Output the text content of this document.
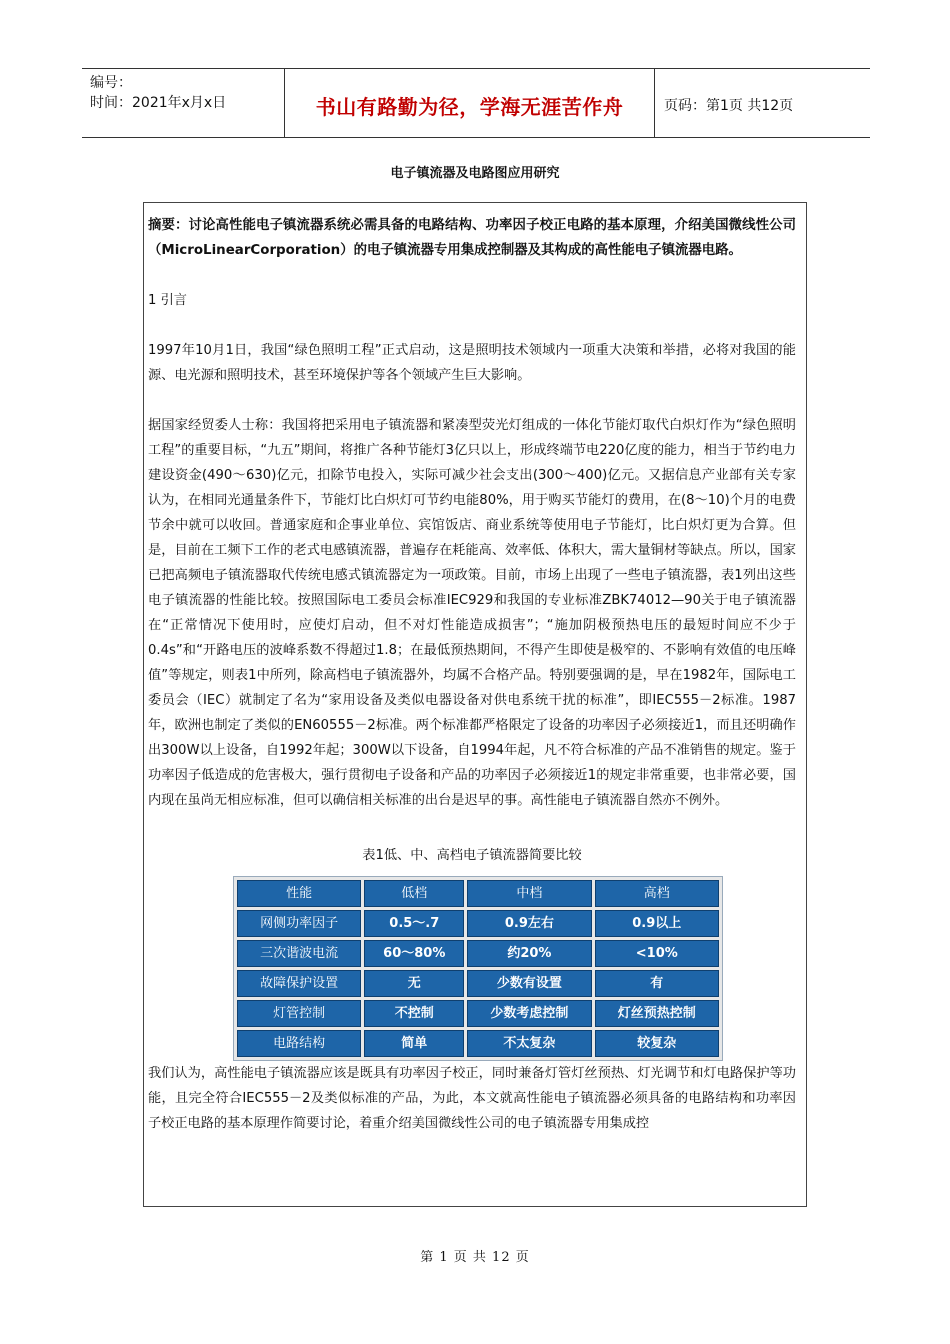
编号：
时间：2021年x月x日	书山有路勤为径，学海无涯苦作舟	页码：第1页 共12页
电子镇流器及电路图应用研究

摘要：讨论高性能电子镇流器系统必需具备的电路结构、功率因子校正电路的基本原理，介绍美国微线性公司（MicroLinearCorporation）的电子镇流器专用集成控制器及其构成的高性能电子镇流器电路。

1 引言

1997年10月1日，我国“绿色照明工程”正式启动，这是照明技术领域内一项重大决策和举措，必将对我国的能源、电光源和照明技术，甚至环境保护等各个领域产生巨大影响。

据国家经贸委人士称：我国将把采用电子镇流器和紧凑型荧光灯组成的一体化节能灯取代白炽灯作为“绿色照明工程”的重要目标，“九五”期间，将推广各种节能灯3亿只以上，形成终端节电220亿度的能力，相当于节约电力建设资金(490～630)亿元，扣除节电投入，实际可减少社会支出(300～400)亿元。又据信息产业部有关专家认为，在相同光通量条件下，节能灯比白炽灯可节约电能80%，用于购买节能灯的费用，在(8～10)个月的电费节余中就可以收回。普通家庭和企事业单位、宾馆饭店、商业系统等使用电子节能灯，比白炽灯更为合算。但是，目前在工频下工作的老式电感镇流器，普遍存在耗能高、效率低、体积大，需大量铜材等缺点。所以，国家已把高频电子镇流器取代传统电感式镇流器定为一项政策。目前，市场上出现了一些电子镇流器，表1列出这些电子镇流器的性能比较。按照国际电工委员会标准IEC929和我国的专业标准ZBK74012—90关于电子镇流器在“正常情况下使用时，应使灯启动，但不对灯性能造成损害”；“施加阴极预热电压的最短时间应不少于0.4s”和“开路电压的波峰系数不得超过1.8；在最低预热期间，不得产生即使是极窄的、不影响有效值的电压峰值”等规定，则表1中所列，除高档电子镇流器外，均属不合格产品。特别要强调的是，早在1982年，国际电工委员会（IEC）就制定了名为“家用设备及类似电器设备对供电系统干扰的标准”，即IEC555－2标准。1987年，欧洲也制定了类似的EN60555－2标准。两个标准都严格限定了设备的功率因子必须接近1，而且还明确作出300W以上设备，自1992年起；300W以下设备，自1994年起，凡不符合标准的产品不准销售的规定。鉴于功率因子低造成的危害极大，强行贯彻电子设备和产品的功率因子必须接近1的规定非常重要，也非常必要，国内现在虽尚无相应标准，但可以确信相关标准的出台是迟早的事。高性能电子镇流器自然亦不例外。

表1低、中、高档电子镇流器简要比较
性能	低档	中档	高档
网侧功率因子	0.5～.7	0.9左右	0.9以上
三次谐波电流	60～80%	约20%	<10%
故障保护设置	无	少数有设置	有
灯管控制	不控制	少数考虑控制	灯丝预热控制
电路结构	简单	不太复杂	较复杂

我们认为，高性能电子镇流器应该是既具有功率因子校正，同时兼备灯管灯丝预热、灯光调节和灯电路保护等功能，且完全符合IEC555－2及类似标准的产品，为此，本文就高性能电子镇流器必须具备的电路结构和功率因子校正电路的基本原理作简要讨论，着重介绍美国微线性公司的电子镇流器专用集成控

第 1 页 共 12 页
